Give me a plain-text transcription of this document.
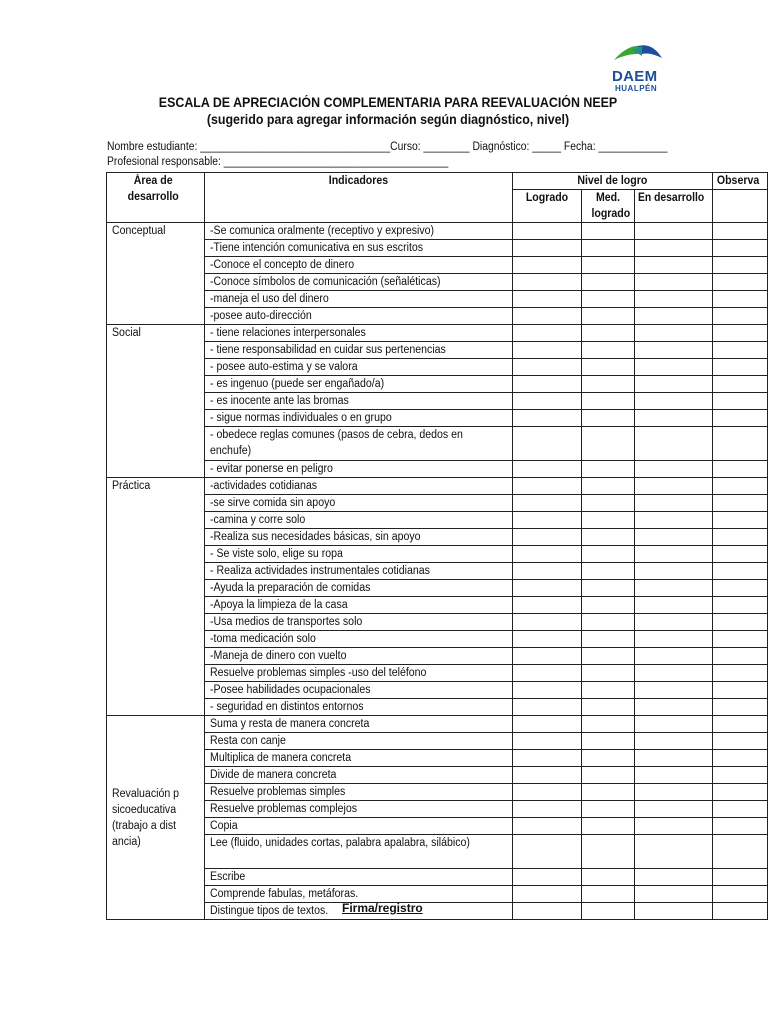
DAEM
HUALPÉN
ESCALA DE APRECIACIÓN COMPLEMENTARIA PARA REEVALUACIÓN NEEP (sugerido para agregar información según diagnóstico, nivel)
Nombre estudiante: _________________________________Curso: ________ Diagnóstico: _____ Fecha: ____________
Profesional responsable: _______________________________________
Área de desarrollo	Indicadores	Nivel de logro			Observa

		Logrado	Med. logrado	En desarrollo	

Conceptual	-Se comunica oralmente (receptivo y expresivo)				

	-Tiene intención comunicativa en sus escritos				

	-Conoce el concepto de dinero				

	-Conoce símbolos de comunicación (señaléticas)				

	-maneja el uso del dinero				

	-posee auto-dirección				

Social	- tiene relaciones interpersonales				

	- tiene responsabilidad en cuidar sus pertenencias				

	- posee auto-estima y se valora				

	- es ingenuo (puede ser engañado/a)				

	- es inocente ante las bromas				

	- sigue normas individuales o en grupo				

	- obedece reglas comunes (pasos de cebra, dedos en enchufe)				

	- evitar ponerse en peligro				

Práctica	-actividades cotidianas				

	-se sirve comida sin apoyo				

	-camina y corre solo				

	-Realiza sus necesidades básicas, sin apoyo				

	- Se viste solo, elige su ropa				

	- Realiza actividades instrumentales cotidianas				

	-Ayuda la preparación de comidas				

	-Apoya la limpieza de la casa				

	-Usa medios de transportes solo				

	-toma medicación solo				

	-Maneja de dinero con vuelto				

	Resuelve problemas simples -uso del teléfono				

	-Posee habilidades ocupacionales				

	- seguridad en distintos entornos				

Revaluación psicoeducativa (trabajo a distancia)	Suma y resta de manera concreta				

	Resta con canje				

	Multiplica de manera concreta				

	Divide de manera concreta				

	Resuelve problemas simples				

	Resuelve problemas complejos				

	Copia				

	Lee (fluido, unidades cortas, palabra apalabra, silábico)				

	Escribe				

	Comprende fabulas, metáforas.				

	Distingue tipos de textos.				
					Firma/registro
